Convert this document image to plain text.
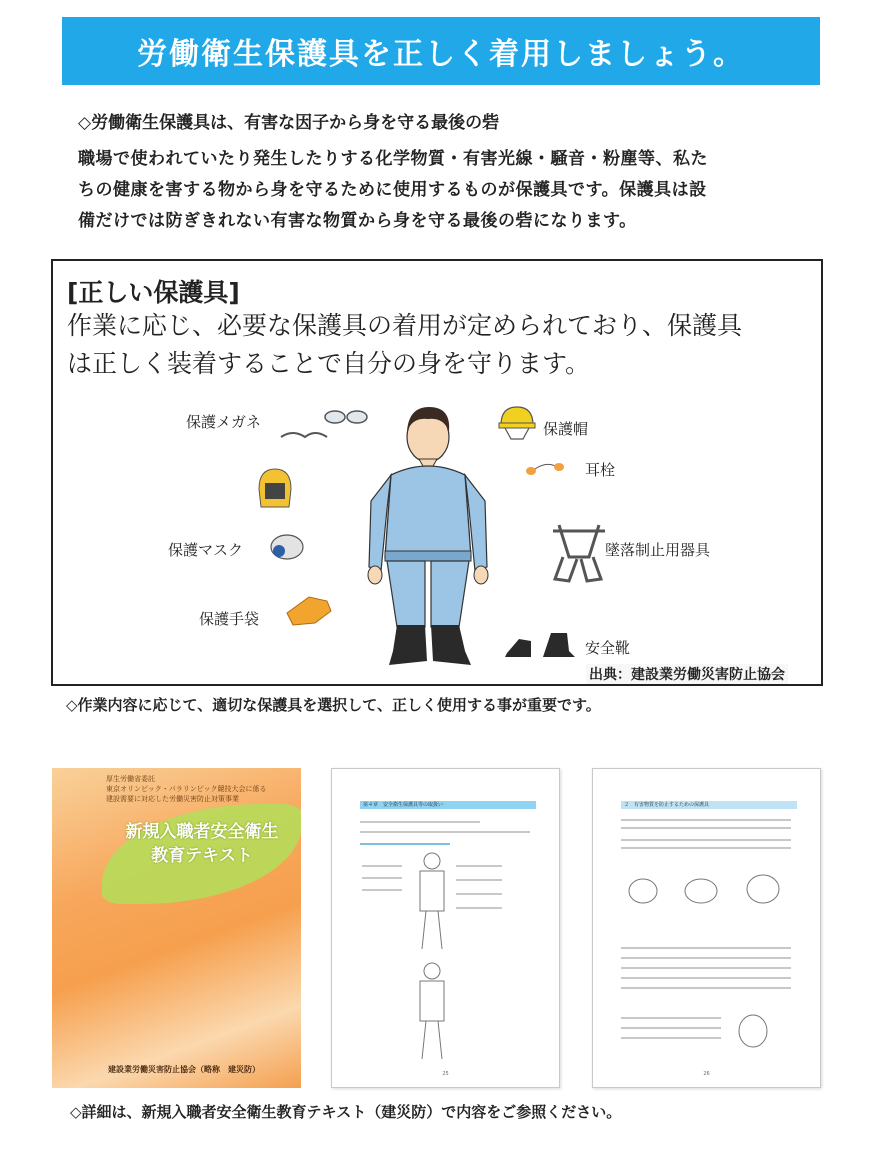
労働衛生保護具を正しく着用しましょう。
◇労働衛生保護具は、有害な因子から身を守る最後の砦
職場で使われていたり発生したりする化学物質・有害光線・騒音・粉塵等、私た
ちの健康を害する物から身を守るために使用するものが保護具です。保護具は設
備だけでは防ぎきれない有害な物質から身を守る最後の砦になります。
[正しい保護具]
作業に応じ、必要な保護具の着用が定められており、保護具
は正しく装着することで自分の身を守ります。
保護メガネ
保護マスク
保護手袋
保護帽
耳栓
墜落制止用器具
安全靴
出典：建設業労働災害防止協会
◇作業内容に応じて、適切な保護具を選択して、正しく使用する事が重要です。
厚生労働省委託
東京オリンピック・パラリンピック競技大会に係る
建設需要に対応した労働災害防止対策事業
新規入職者安全衛生
教育テキスト
建設業労働災害防止協会（略称　建災防）
第４章　安全衛生保護具等の取扱い
25
２　有害物質を防止するための保護具
26
◇詳細は、新規入職者安全衛生教育テキスト（建災防）で内容をご参照ください。
